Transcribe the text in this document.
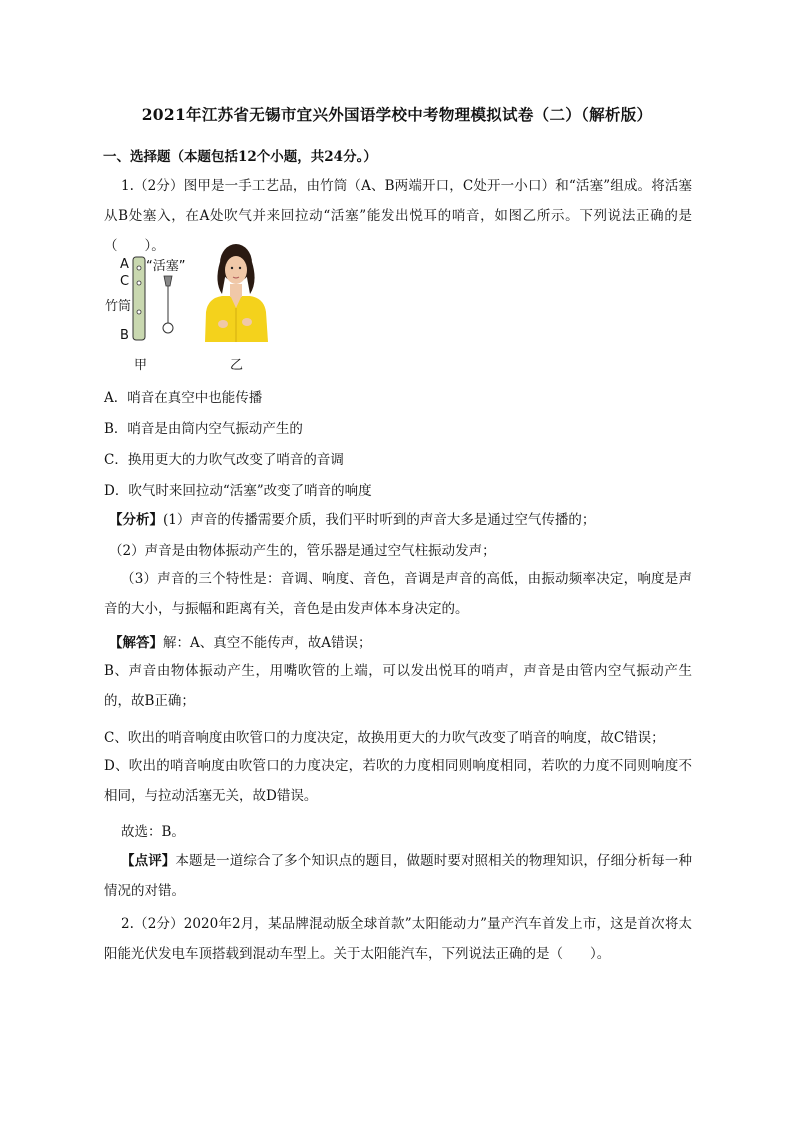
2021年江苏省无锡市宜兴外国语学校中考物理模拟试卷（二）（解析版）
一、选择题（本题包括12个小题，共24分。）
1.（2分）图甲是一手工艺品，由竹筒（A、B两端开口，C处开一小口）和“活塞”组成。将活塞从B处塞入，在A处吹气并来回拉动“活塞”能发出悦耳的哨音，如图乙所示。下列说法正确的是（　　）。
A
C
竹筒
B
“活塞”
甲	乙
A．哨音在真空中也能传播
B．哨音是由筒内空气振动产生的
C．换用更大的力吹气改变了哨音的音调
D．吹气时来回拉动“活塞”改变了哨音的响度
【分析】(1）声音的传播需要介质，我们平时听到的声音大多是通过空气传播的；
（2）声音是由物体振动产生的，管乐器是通过空气柱振动发声；
（3）声音的三个特性是：音调、响度、音色，音调是声音的高低，由振动频率决定，响度是声音的大小，与振幅和距离有关，音色是由发声体本身决定的。
【解答】解：A、真空不能传声，故A错误；
B、声音由物体振动产生，用嘴吹管的上端，可以发出悦耳的哨声，声音是由管内空气振动产生的，故B正确；
C、吹出的哨音响度由吹管口的力度决定，故换用更大的力吹气改变了哨音的响度，故C错误；
D、吹出的哨音响度由吹管口的力度决定，若吹的力度相同则响度相同，若吹的力度不同则响度不相同，与拉动活塞无关，故D错误。
故选：B。
【点评】本题是一道综合了多个知识点的题目，做题时要对照相关的物理知识，仔细分析每一种情况的对错。
2.（2分）2020年2月，某品牌混动版全球首款”太阳能动力”量产汽车首发上市，这是首次将太阳能光伏发电车顶搭载到混动车型上。关于太阳能汽车，下列说法正确的是（　　）。
